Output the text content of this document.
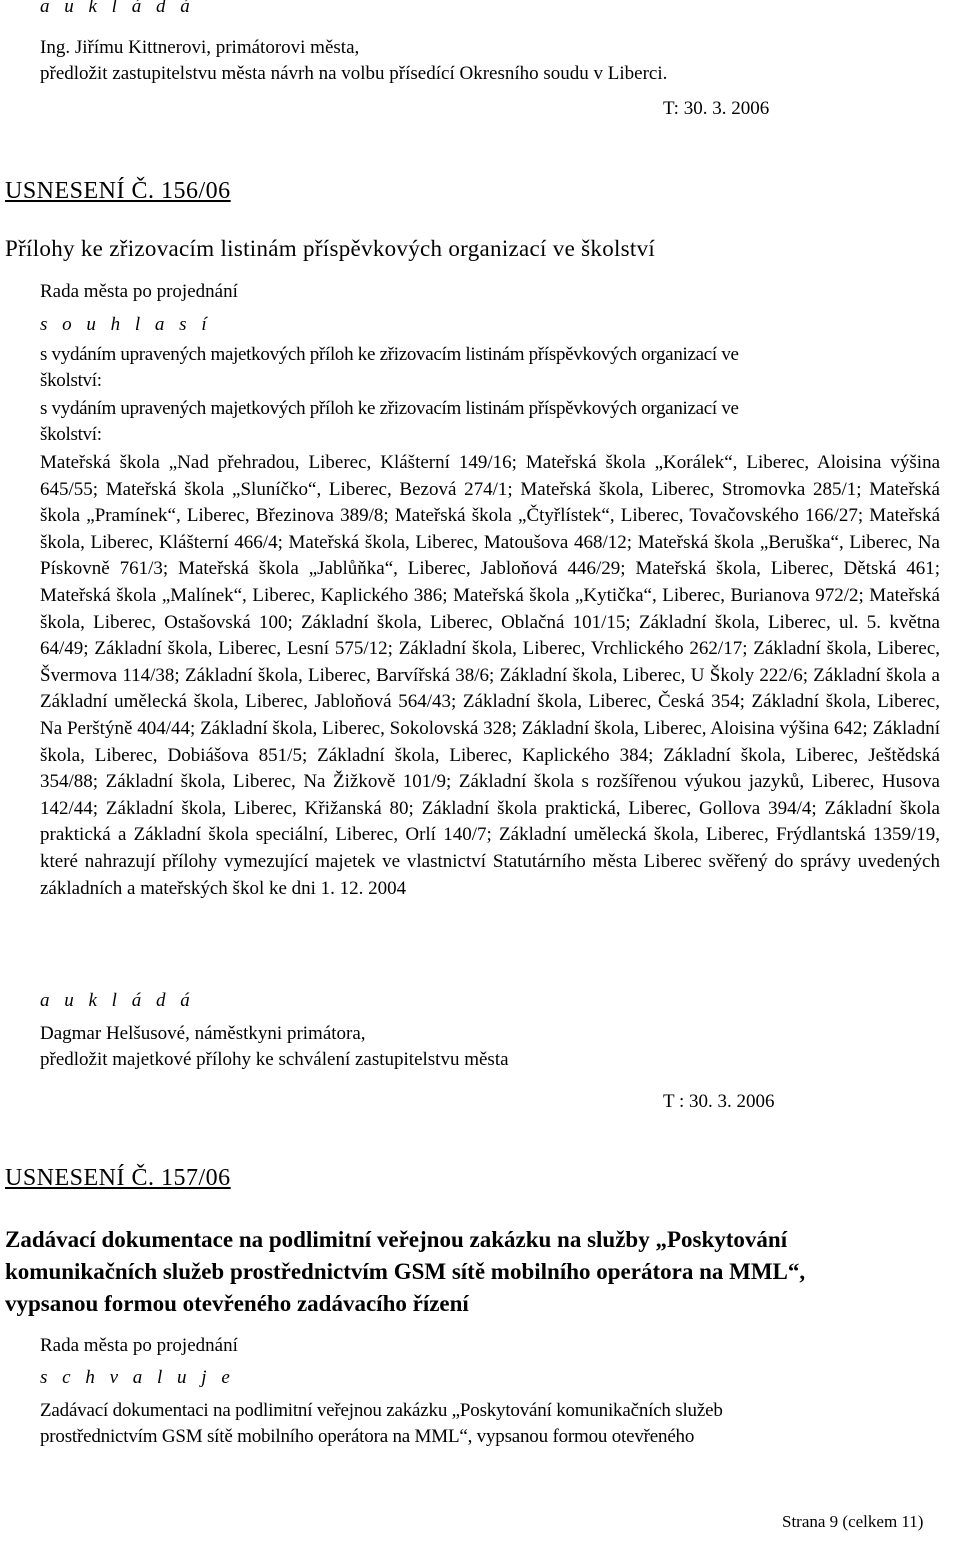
a u k l á d á
Ing. Jiřímu Kittnerovi, primátorovi města,
předložit zastupitelstvu města návrh na volbu přísedící Okresního soudu v Liberci.
T: 30. 3. 2006
USNESENÍ Č. 156/06
Přílohy ke zřizovacím listinám příspěvkových organizací ve školství
Rada města po projednání
s o u h l a s í
s vydáním upravených majetkových příloh ke zřizovacím listinám příspěvkových organizací ve
školství:
s vydáním upravených majetkových příloh ke zřizovacím listinám příspěvkových organizací ve
školství:
Mateřská škola „Nad přehradou, Liberec, Klášterní 149/16; Mateřská škola „Korálek“, Liberec, Aloisina výšina 645/55; Mateřská škola „Sluníčko“, Liberec, Bezová 274/1; Mateřská škola, Liberec, Stromovka 285/1; Mateřská škola „Pramínek“, Liberec, Březinova 389/8; Mateřská škola „Čtyřlístek“, Liberec, Tovačovského 166/27; Mateřská škola, Liberec, Klášterní 466/4; Mateřská škola, Liberec, Matoušova 468/12; Mateřská škola „Beruška“, Liberec, Na Pískovně 761/3; Mateřská škola „Jablůňka“, Liberec, Jabloňová 446/29; Mateřská škola, Liberec, Dětská 461; Mateřská škola „Malínek“, Liberec, Kaplického 386; Mateřská škola „Kytička“, Liberec, Burianova 972/2; Mateřská škola, Liberec, Ostašovská 100; Základní škola, Liberec, Oblačná 101/15; Základní škola, Liberec, ul. 5. května 64/49; Základní škola, Liberec, Lesní 575/12; Základní škola, Liberec, Vrchlického 262/17; Základní škola, Liberec, Švermova 114/38; Základní škola, Liberec, Barvířská 38/6; Základní škola, Liberec, U Školy 222/6; Základní škola a Základní umělecká škola, Liberec, Jabloňová 564/43; Základní škola, Liberec, Česká 354; Základní škola, Liberec, Na Perštýně 404/44; Základní škola, Liberec, Sokolovská 328; Základní škola, Liberec, Aloisina výšina 642; Základní škola, Liberec, Dobiášova 851/5; Základní škola, Liberec, Kaplického 384; Základní škola, Liberec, Ještědská 354/88; Základní škola, Liberec, Na Žižkově 101/9; Základní škola s rozšířenou výukou jazyků, Liberec, Husova 142/44; Základní škola, Liberec, Křižanská 80; Základní škola praktická, Liberec, Gollova 394/4; Základní škola praktická a Základní škola speciální, Liberec, Orlí 140/7; Základní umělecká škola, Liberec, Frýdlantská 1359/19, které nahrazují přílohy vymezující majetek ve vlastnictví Statutárního města Liberec svěřený do správy uvedených základních a mateřských škol ke dni 1. 12. 2004
a u k l á d á
Dagmar Helšusové, náměstkyni primátora,
předložit majetkové přílohy ke schválení zastupitelstvu města
T : 30. 3. 2006
USNESENÍ Č. 157/06
Zadávací dokumentace na podlimitní veřejnou zakázku na služby „Poskytování
komunikačních služeb prostřednictvím GSM sítě mobilního operátora na MML“,
vypsanou formou otevřeného zadávacího řízení
Rada města po projednání
s c h v a l u j e
Zadávací dokumentaci na podlimitní veřejnou zakázku „Poskytování komunikačních služeb
prostřednictvím GSM sítě mobilního operátora na MML“, vypsanou formou otevřeného
Strana 9 (celkem 11)
